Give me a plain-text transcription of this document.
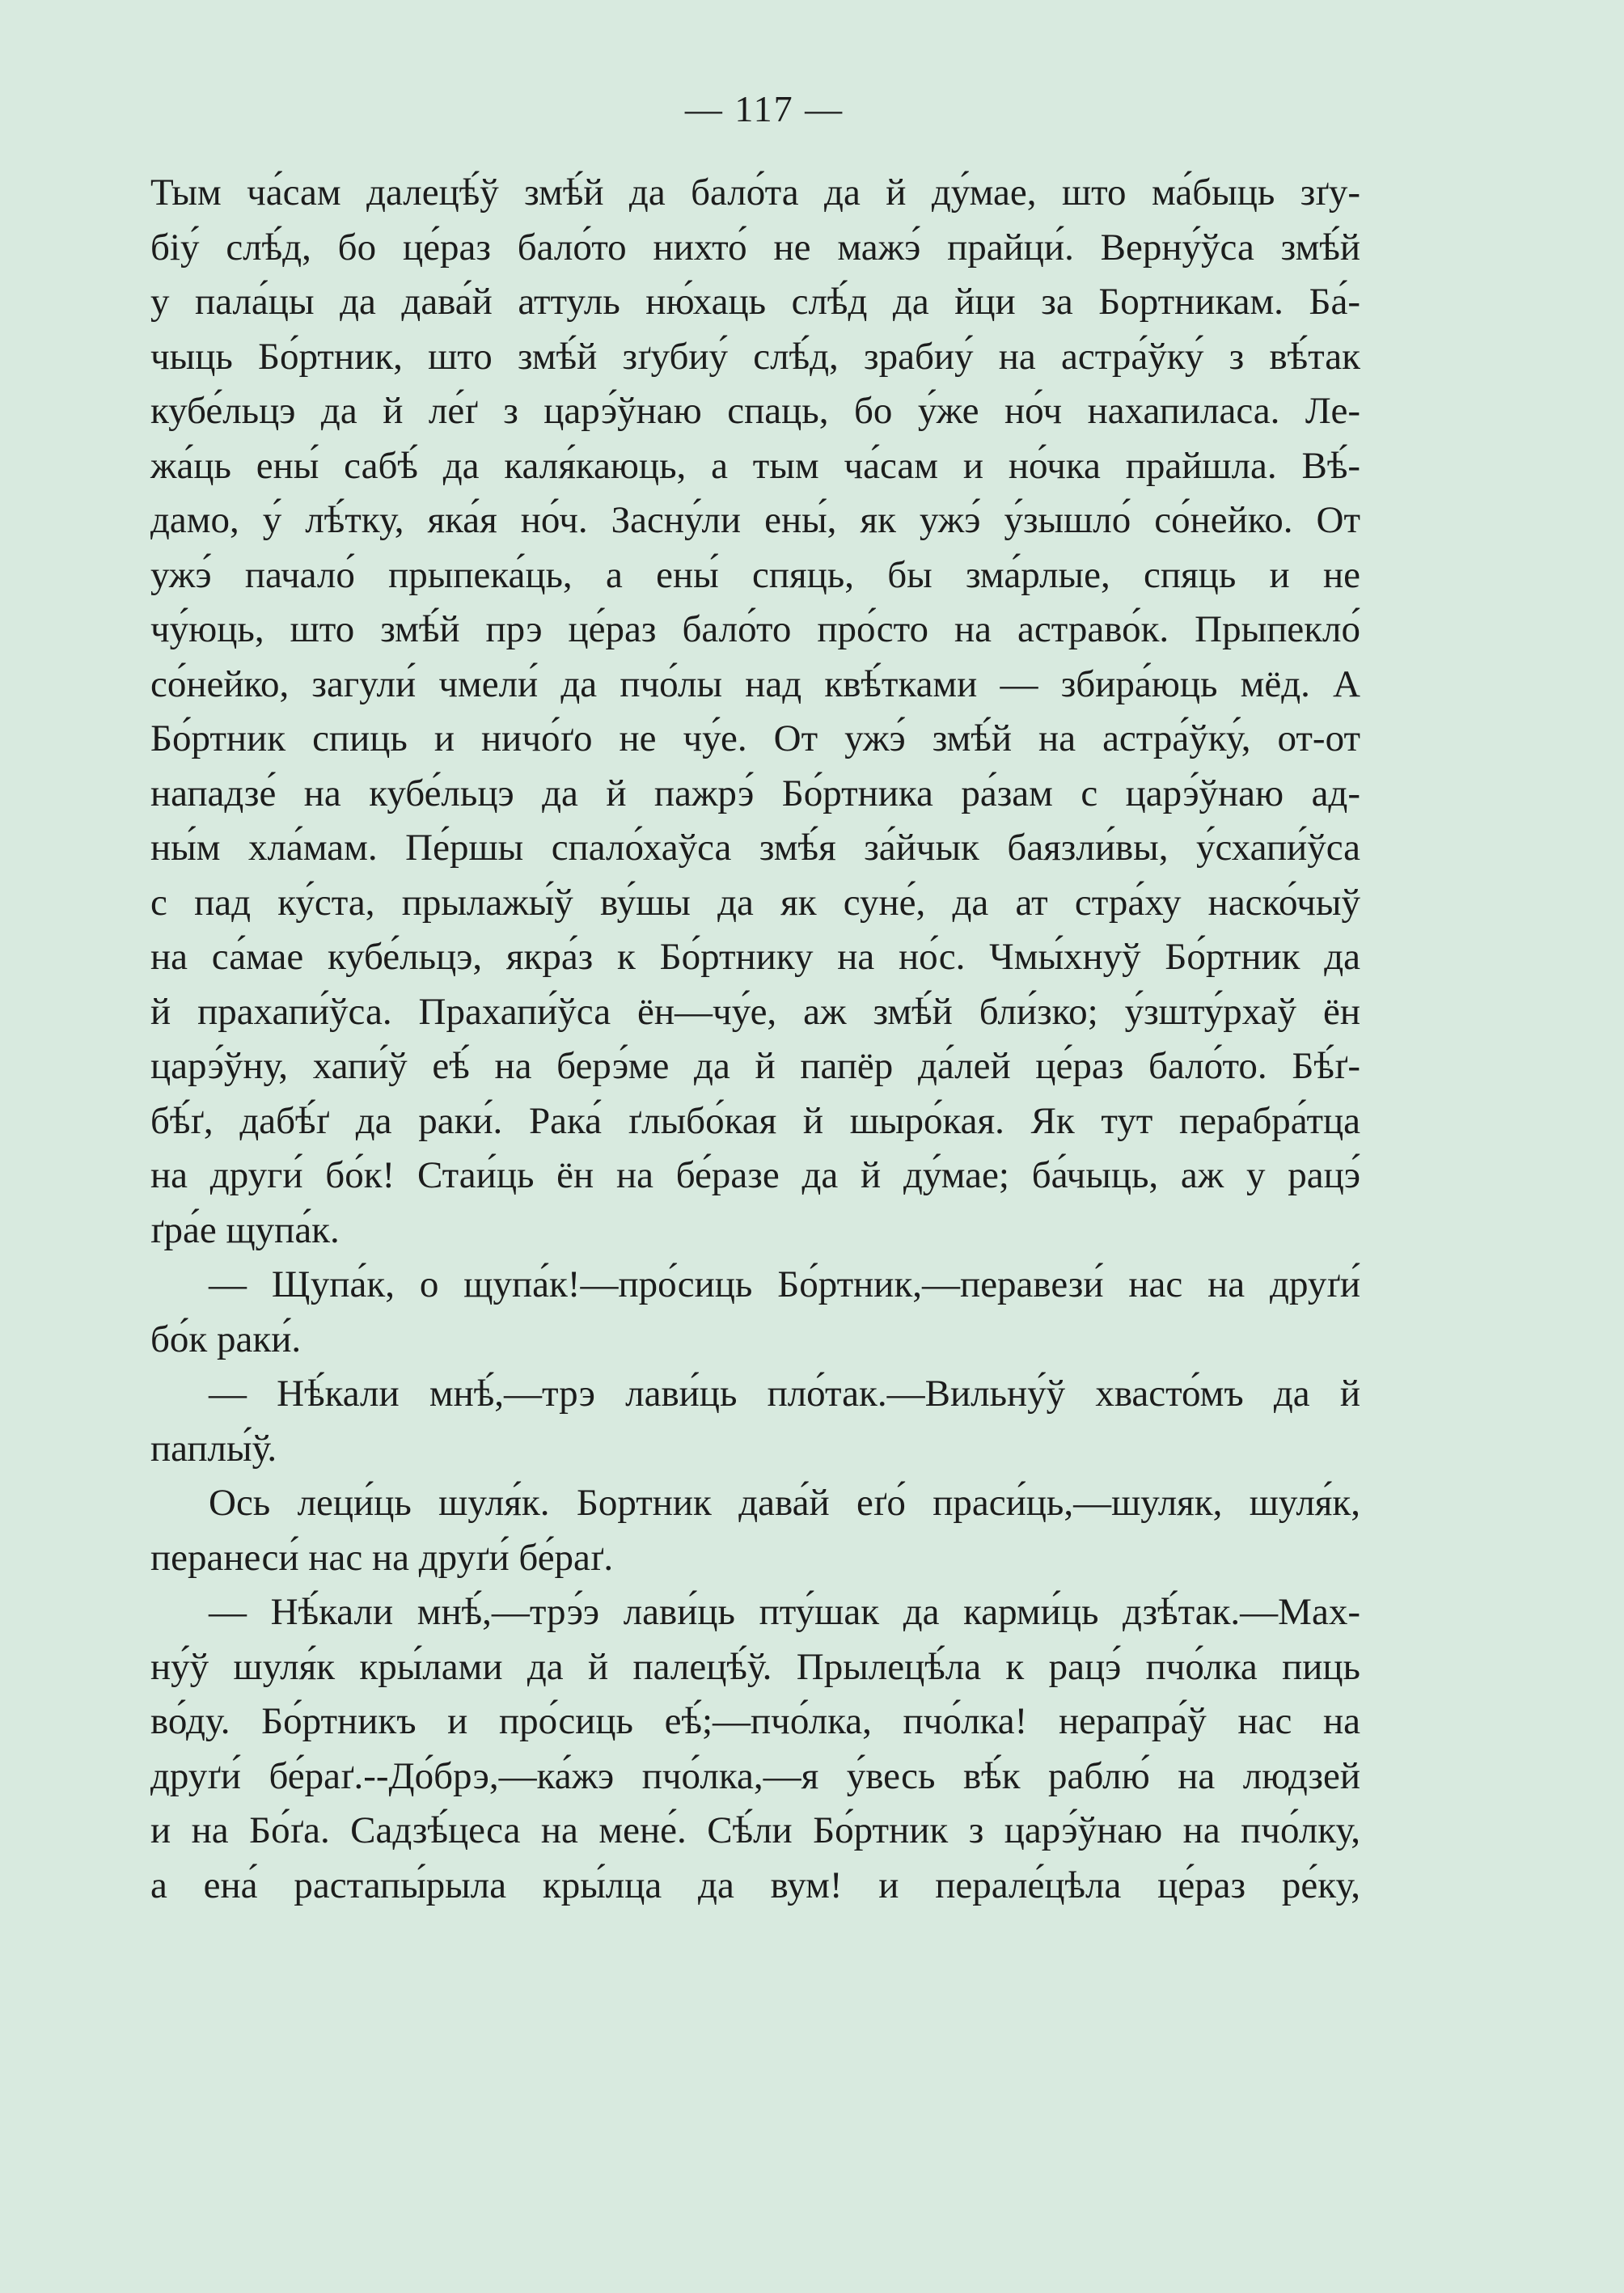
— 117 —
Тым ча́сам далецѣ́ў змѣ́й да бало́та да й ду́мае, што ма́быць зґу-
біу́ слѣ́д, бо це́раз бало́то нихто́ не мажэ́ прайци́. Верну́ўса змѣ́й
у пала́цы да дава́й аттуль ню́хаць слѣ́д да йци за Бортникам. Ба́-
чыць Бо́ртник, што змѣ́й зґубиу́ слѣ́д, зрабиу́ на астра́ўку́ з вѣ́так
кубе́льцэ да й ле́ґ з царэ́ўнаю спаць, бо у́же но́ч нахапиласа. Ле-
жа́ць ены́ сабѣ́ да каля́каюць, а тым ча́сам и но́чка прайшла. Вѣ́-
дамо, у́ лѣ́тку, яка́я но́ч. Засну́ли ены́, як ужэ́ у́зышло́ со́нейко. От
ужэ́ пачало́ прыпека́ць, а ены́ спяць, бы зма́рлые, спяць и не
чу́юць, што змѣ́й прэ це́раз бало́то про́сто на астраво́к. Прыпекло́
со́нейко, загули́ чмели́ да пчо́лы над квѣ́тками — збира́юць мёд. А
Бо́ртник спиць и ничо́ґо не чу́е. От ужэ́ змѣ́й на астра́ўку́, от-от
нападзе́ на кубе́льцэ да й пажрэ́ Бо́ртника ра́зам с царэ́ўнаю ад-
ны́м хла́мам. Пе́ршы спало́хаўса змѣ́я за́йчык баязли́вы, у́схапи́ўса
с пад ку́ста, прылажы́ў ву́шы да як суне́, да ат стра́ху наско́чыў
на са́мае кубе́льцэ, якра́з к Бо́ртнику на но́с. Чмы́хнуў Бо́ртник да
й прахапи́ўса. Прахапи́ўса ён—чу́е, аж змѣ́й бли́зко; у́зшту́рхаў ён
царэ́ўну, хапи́ў еѣ́ на берэ́ме да й папёр да́лей це́раз бало́то. Бѣ́ґ-
бѣ́ґ, дабѣ́ґ да раки́. Рака́ ґлыбо́кая й шыро́кая. Як тут перабра́тца
на други́ бо́к! Стаи́ць ён на бе́разе да й ду́мае; ба́чыць, аж у рацэ́
ґра́е щупа́к.
— Щупа́к, о щупа́к!—про́сиць Бо́ртник,—перавези́ нас на друґи́
бо́к раки́.
— Нѣ́кали мнѣ́,—трэ лави́ць пло́так.—Вильну́ў хвасто́мъ да й
паплы́ў.
Ось леци́ць шуля́к. Бортник дава́й еґо́ праси́ць,—шуляк, шуля́к,
перанеси́ нас на друґи́ бе́раґ.
— Нѣ́кали мнѣ́,—трэ́э лави́ць пту́шак да карми́ць дзѣ́так.—Мах-
ну́ў шуля́к кры́лами да й палецѣ́ў. Прылецѣ́ла к рацэ́ пчо́лка пиць
во́ду. Бо́ртникъ и про́сиць еѣ́;—пчо́лка, пчо́лка! нерапра́ў нас на
друґи́ бе́раґ.--До́брэ,—ка́жэ пчо́лка,—я у́весь вѣ́к раблю́ на людзей
и на Бо́ґа. Садзѣ́цеса на мене́. Сѣ́ли Бо́ртник з царэ́ўнаю на пчо́лку,
а ена́ растапы́рыла кры́лца да вум! и перале́цѣла це́раз ре́ку,
